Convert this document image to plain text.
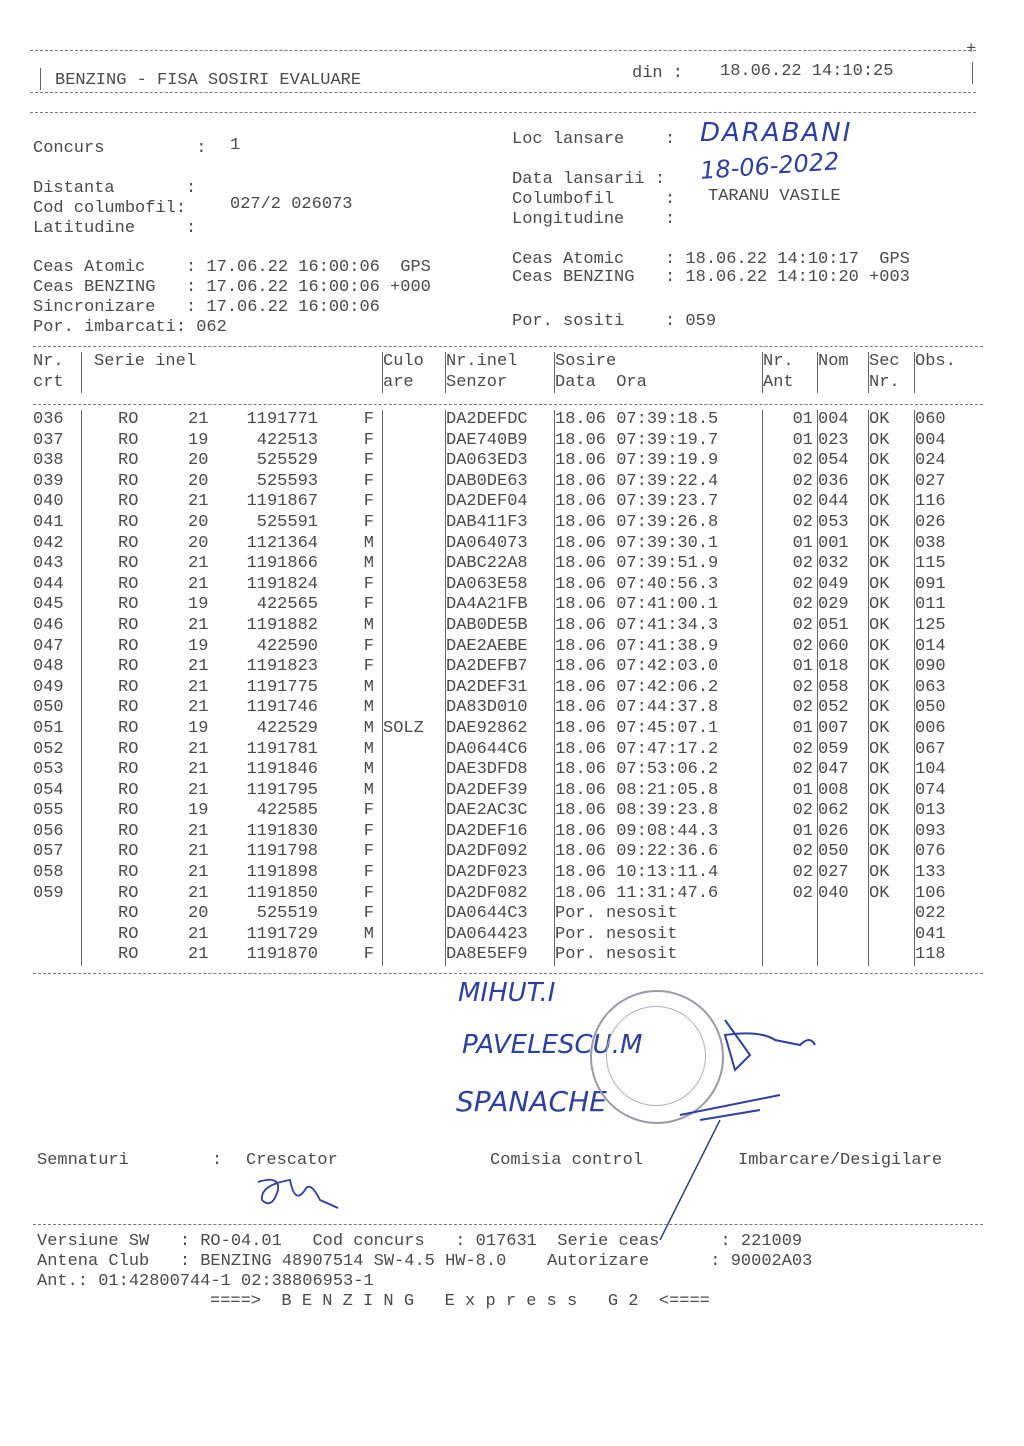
+
BENZING - FISA SOSIRI EVALUARE	din : 18.06.22 14:10:25
Concurs         : 1
Distanta       :
Cod columbofil:	027/2 026073
Latitudine     :
Loc lansare    : DARABANI
Data lansarii : 18-06-2022
Columbofil     : TARANU VASILE
Longitudine    :
Ceas Atomic    : 17.06.22 16:00:06  GPS
Ceas BENZING   : 17.06.22 16:00:06 +000
Sincronizare   : 17.06.22 16:00:06
Por. imbarcati: 062
Ceas Atomic    : 18.06.22 14:10:17  GPS
Ceas BENZING   : 18.06.22 14:10:20 +003
Por. sositi    : 059
Nr.	Serie inel	Culo	Nr.inel	Sosire	Nr.	Nom	Sec	Obs.
crt		are	Senzor	Data  Ora	Ant		Nr.	
036	RO 21 1191771 F		DA2DEFDC	18.06 07:39:18.5	01	004	OK	060
037	RO 19 422513 F		DAE740B9	18.06 07:39:19.7	01	023	OK	004
038	RO 20 525529 F		DA063ED3	18.06 07:39:19.9	02	054	OK	024
039	RO 20 525593 F		DAB0DE63	18.06 07:39:22.4	02	036	OK	027
040	RO 21 1191867 F		DA2DEF04	18.06 07:39:23.7	02	044	OK	116
041	RO 20 525591 F		DAB411F3	18.06 07:39:26.8	02	053	OK	026
042	RO 20 1121364 M		DA064073	18.06 07:39:30.1	01	001	OK	038
043	RO 21 1191866 M		DABC22A8	18.06 07:39:51.9	02	032	OK	115
044	RO 21 1191824 F		DA063E58	18.06 07:40:56.3	02	049	OK	091
045	RO 19 422565 F		DA4A21FB	18.06 07:41:00.1	02	029	OK	011
046	RO 21 1191882 M		DAB0DE5B	18.06 07:41:34.3	02	051	OK	125
047	RO 19 422590 F		DAE2AEBE	18.06 07:41:38.9	02	060	OK	014
048	RO 21 1191823 F		DA2DEFB7	18.06 07:42:03.0	01	018	OK	090
049	RO 21 1191775 M		DA2DEF31	18.06 07:42:06.2	02	058	OK	063
050	RO 21 1191746 M		DA83D010	18.06 07:44:37.8	02	052	OK	050
051	RO 19 422529 M	SOLZ	DAE92862	18.06 07:45:07.1	01	007	OK	006
052	RO 21 1191781 M		DA0644C6	18.06 07:47:17.2	02	059	OK	067
053	RO 21 1191846 M		DAE3DFD8	18.06 07:53:06.2	02	047	OK	104
054	RO 21 1191795 M		DA2DEF39	18.06 08:21:05.8	01	008	OK	074
055	RO 19 422585 F		DAE2AC3C	18.06 08:39:23.8	02	062	OK	013
056	RO 21 1191830 F		DA2DEF16	18.06 09:08:44.3	01	026	OK	093
057	RO 21 1191798 F		DA2DF092	18.06 09:22:36.6	02	050	OK	076
058	RO 21 1191898 F		DA2DF023	18.06 10:13:11.4	02	027	OK	133
059	RO 21 1191850 F		DA2DF082	18.06 11:31:47.6	02	040	OK	106
	RO 20 525519 F		DA0644C3	Por. nesosit				022
	RO 21 1191729 M		DA064423	Por. nesosit				041
	RO 21 1191870 F		DA8E5EF9	Por. nesosit				118
MIHUT.I
PAVELESCU.M
SPANACHE
Semnaturi	: Crescator	Comisia control	Imbarcare/Desigilare
Versiune SW   : RO-04.01   Cod concurs   : 017631  Serie ceas      : 221009
Antena Club   : BENZING 48907514 SW-4.5 HW-8.0    Autorizare      : 90002A03
Ant.: 01:42800744-1 02:38806953-1
====>  B E N Z I N G   E x p r e s s   G 2  <====
